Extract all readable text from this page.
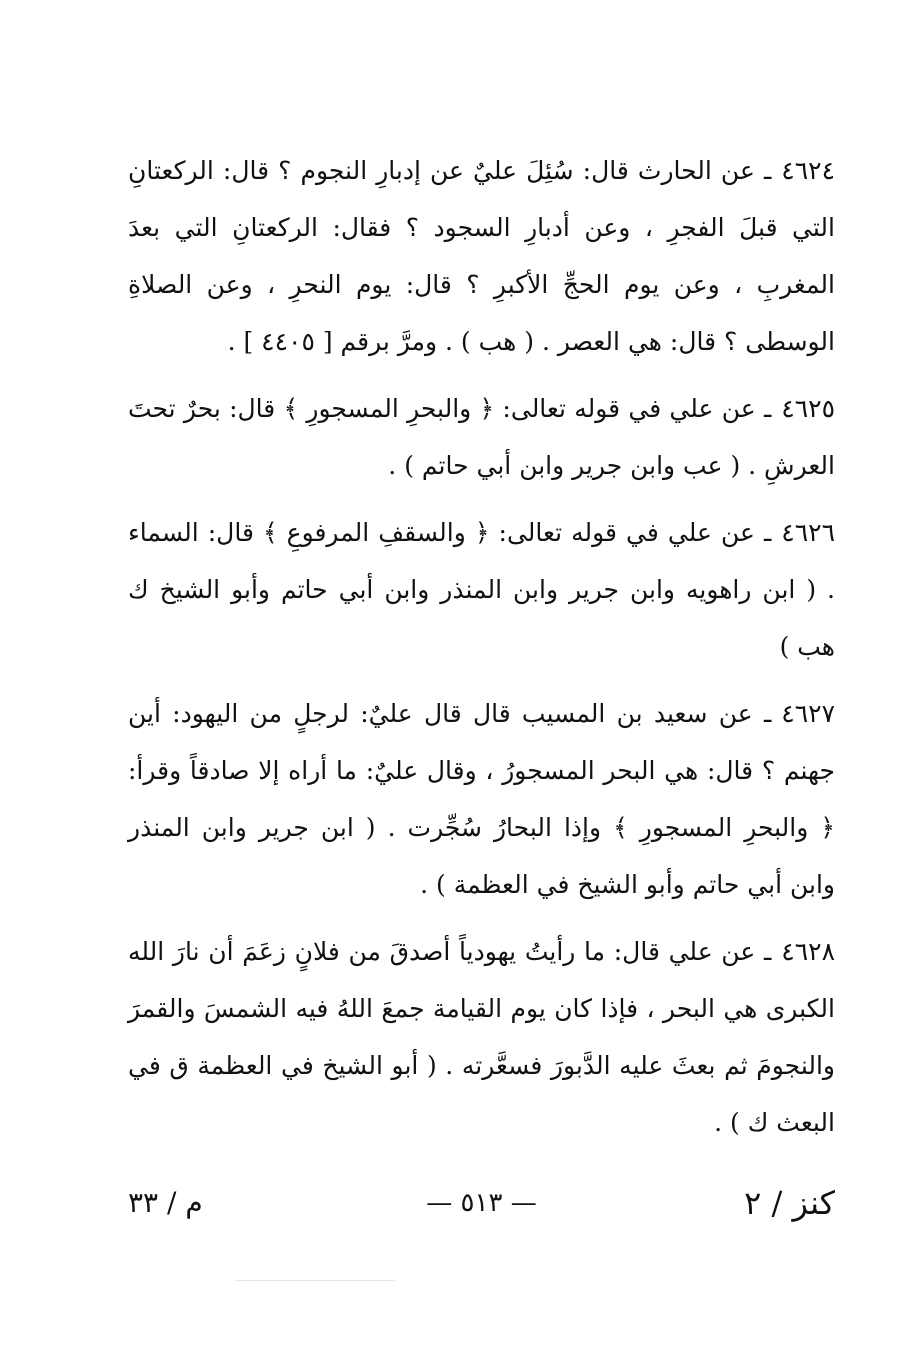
٤٦٢٤ـ عن الحارث قال: سُئِلَ عليٌ عن إدبارِ النجوم ؟ قال: الركعتانِ التي قبلَ الفجرِ ، وعن أدبارِ السجود ؟ فقال: الركعتانِ التي بعدَ المغربِ ، وعن يوم الحجِّ الأكبرِ ؟ قال: يوم النحرِ ، وعن الصلاةِ الوسطى ؟ قال: هي العصر . ( هب ) . ومرَّ برقم [ ٤٤٠٥ ] .

٤٦٢٥ـ عن علي في قوله تعالى: ﴿ والبحرِ المسجورِ ﴾ قال: بحرٌ تحتَ العرشِ . ( عب وابن جرير وابن أبي حاتم ) .

٤٦٢٦ـ عن علي في قوله تعالى: ﴿ والسقفِ المرفوعِ ﴾ قال: السماء . ( ابن راهويه وابن جرير وابن المنذر وابن أبي حاتم وأبو الشيخ ك هب )

٤٦٢٧ـ عن سعيد بن المسيب قال قال عليٌ: لرجلٍ من اليهود: أين جهنم ؟ قال: هي البحر المسجورُ ، وقال عليٌ: ما أراه إلا صادقاً وقرأ: ﴿ والبحرِ المسجورِ ﴾ وإذا البحارُ سُجِّرت . ( ابن جرير وابن المنذر وابن أبي حاتم وأبو الشيخ في العظمة ) .

٤٦٢٨ـ عن علي قال: ما رأيتُ يهودياً أصدقَ من فلانٍ زعَمَ أن نارَ الله الكبرى هي البحر ، فإذا كان يوم القيامة جمعَ اللهُ فيه الشمسَ والقمرَ والنجومَ ثم بعثَ عليه الدَّبورَ فسعَّرته . ( أبو الشيخ في العظمة ق في البعث ك ) .

كنز / ٢
— ٥١٣ —
م / ٣٣
